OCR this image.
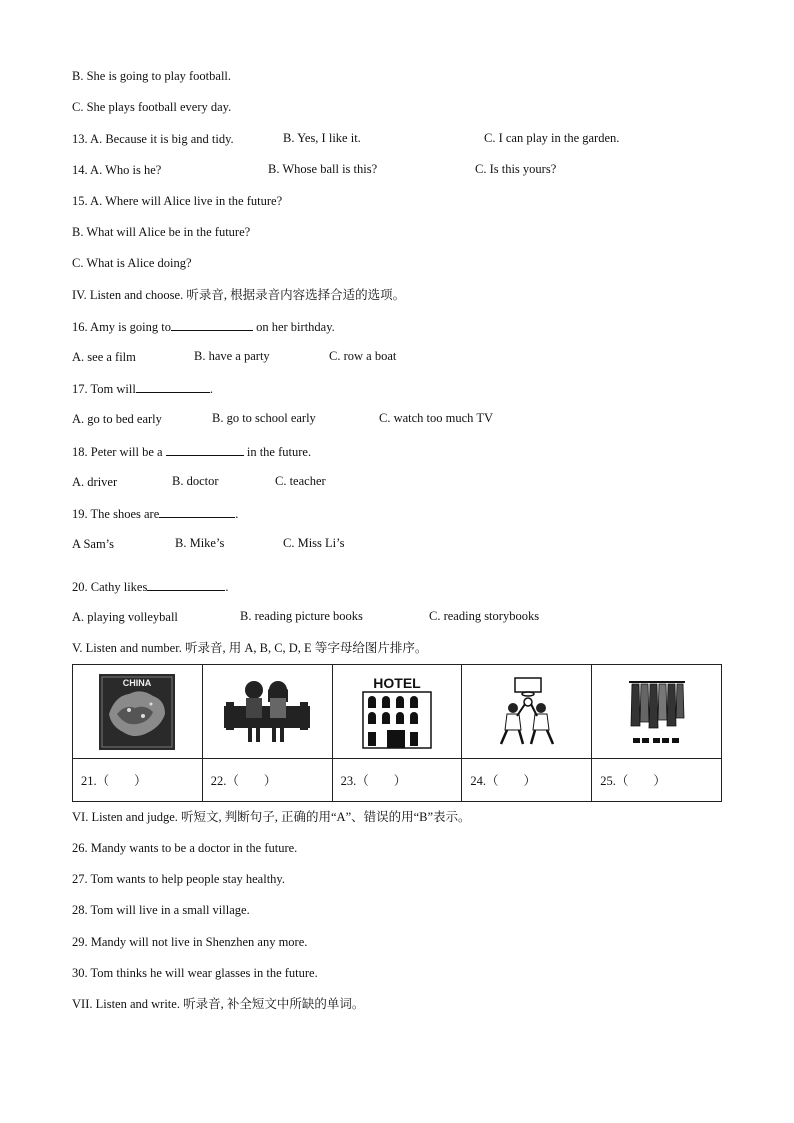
B. She is going to play football.
C. She plays football every day.
13. A. Because it is big and tidy.	B. Yes, I like it.	C. I can play in the garden.
14. A. Who is he?	B. Whose ball is this?	C. Is this yours?
15. A. Where will Alice live in the future?
B. What will Alice be in the future?
C. What is Alice doing?
IV. Listen and choose. 听录音, 根据录音内容选择合适的选项。
16. Amy is going to	on her birthday.
A. see a film	B. have a party	C. row a boat
17. Tom will	.
A. go to bed early	B. go to school early	C. watch too much TV
18. Peter will be a	in the future.
A. driver	B. doctor	C. teacher
19. The shoes are	.
A Sam’s	B. Mike’s	C. Miss Li’s
20. Cathy likes	.
A. playing volleyball	B. reading picture books	C. reading storybooks
V. Listen and number. 听录音, 用 A, B, C, D, E 等字母给图片排序。
CHINA		HOTEL

21.（　　）	22.（　　）	23.（　　）	24.（　　）	25.（　　）
VI. Listen and judge. 听短文, 判断句子, 正确的用“A”、错误的用“B”表示。
26. Mandy wants to be a doctor in the future.
27. Tom wants to help people stay healthy.
28. Tom will live in a small village.
29. Mandy will not live in Shenzhen any more.
30. Tom thinks he will wear glasses in the future.
VII. Listen and write. 听录音, 补全短文中所缺的单词。
